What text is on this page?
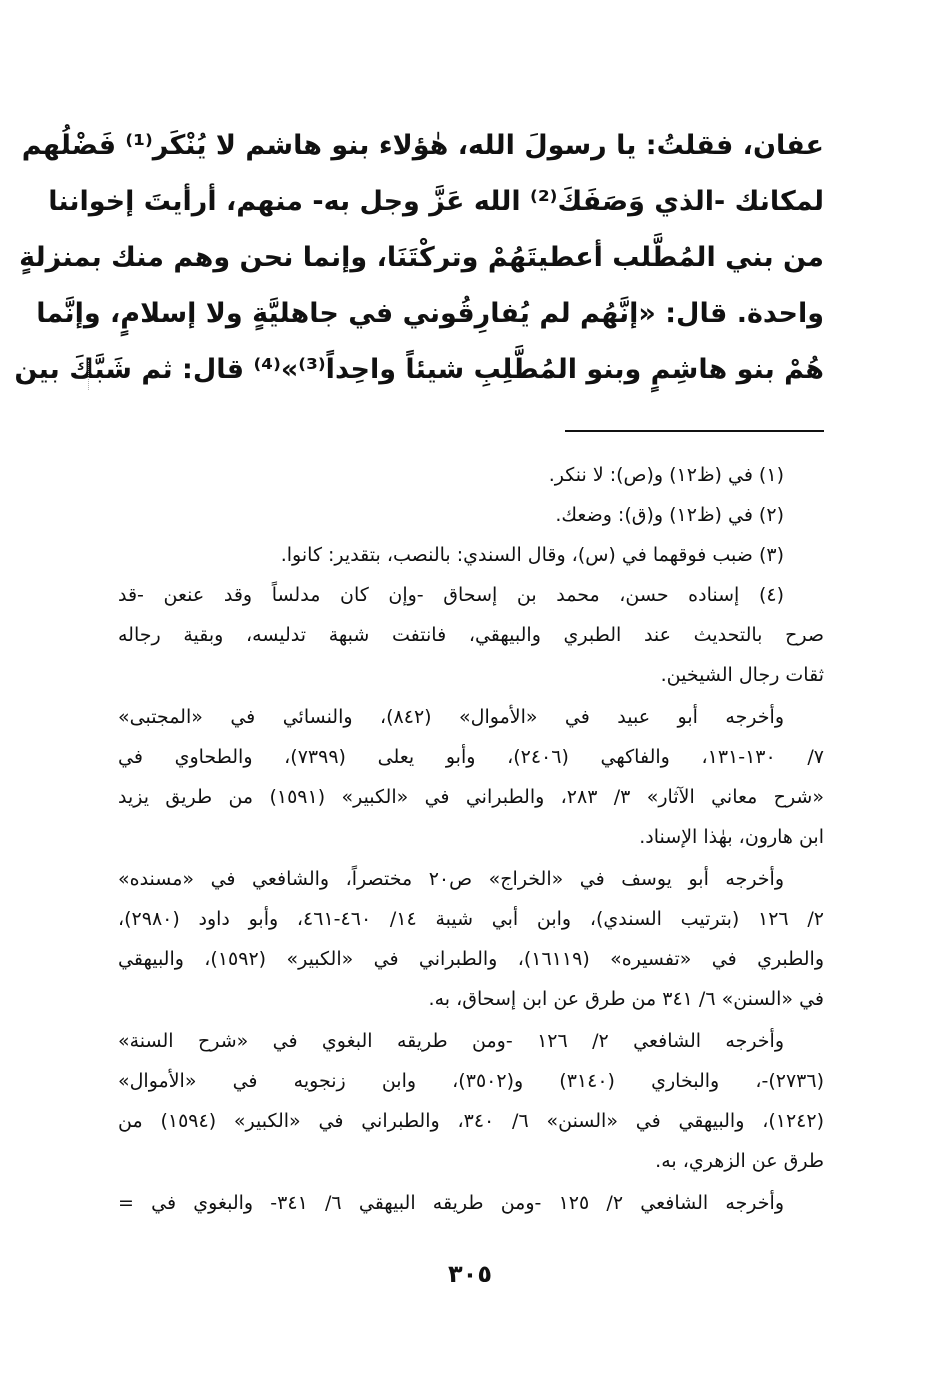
عفان، فقلتُ: يا رسولَ الله، هٰؤلاء بنو هاشم لا يُنْكَر⁽¹⁾ فَضْلُهم
لمكانك -الذي وَصَفَكَ⁽²⁾ الله عَزَّ وجل به- منهم، أرأيتَ إخواننا
من بني المُطَّلب أعطيتَهُمْ وتركْتَنَا، وإنما نحن وهم منك بمنزلةٍ
واحدة. قال: «إنَّهُم لم يُفارِقُوني في جاهليَّةٍ ولا إسلامٍ، وإنَّما
هُمْ بنو هاشِمٍ وبنو المُطَّلِبِ شيئاً واحِداً⁽³⁾»⁽⁴⁾ قال: ثم شَبَّكَ بين
(١) في (ظ١٢) و(ص): لا ننكر.
(٢) في (ظ١٢) و(ق): وضعك.
(٣) ضبب فوقهما في (س)، وقال السندي: بالنصب، بتقدير: كانوا.
(٤) إسناده حسن، محمد بن إسحاق -وإن كان مدلساً وقد عنعن -قد
صرح بالتحديث عند الطبري والبيهقي، فانتفت شبهة تدليسه، وبقية رجاله
ثقات رجال الشيخين.
وأخرجه أبو عبيد في «الأموال» (٨٤٢)، والنسائي في «المجتبى»
٧/ ١٣٠-١٣١، والفاكهي (٢٤٠٦)، وأبو يعلى (٧٣٩٩)، والطحاوي في
«شرح معاني الآثار» ٣/ ٢٨٣، والطبراني في «الكبير» (١٥٩١) من طريق يزيد
ابن هارون، بهٰذا الإسناد.
وأخرجه أبو يوسف في «الخراج» ص٢٠ مختصراً، والشافعي في «مسنده»
٢/ ١٢٦ (بترتيب السندي)، وابن أبي شيبة ١٤/ ٤٦٠-٤٦١، وأبو داود (٢٩٨٠)،
والطبري في «تفسيره» (١٦١١٩)، والطبراني في «الكبير» (١٥٩٢)، والبيهقي
في «السنن» ٦/ ٣٤١ من طرق عن ابن إسحاق، به.
وأخرجه الشافعي ٢/ ١٢٦ -ومن طريقه البغوي في «شرح السنة»
(٢٧٣٦)-، والبخاري (٣١٤٠) و(٣٥٠٢)، وابن زنجويه في «الأموال»
(١٢٤٢)، والبيهقي في «السنن» ٦/ ٣٤٠، والطبراني في «الكبير» (١٥٩٤) من
طرق عن الزهري، به.
وأخرجه الشافعي ٢/ ١٢٥ -ومن طريقه البيهقي ٦/ ٣٤١- والبغوي في =
٣٠٥
